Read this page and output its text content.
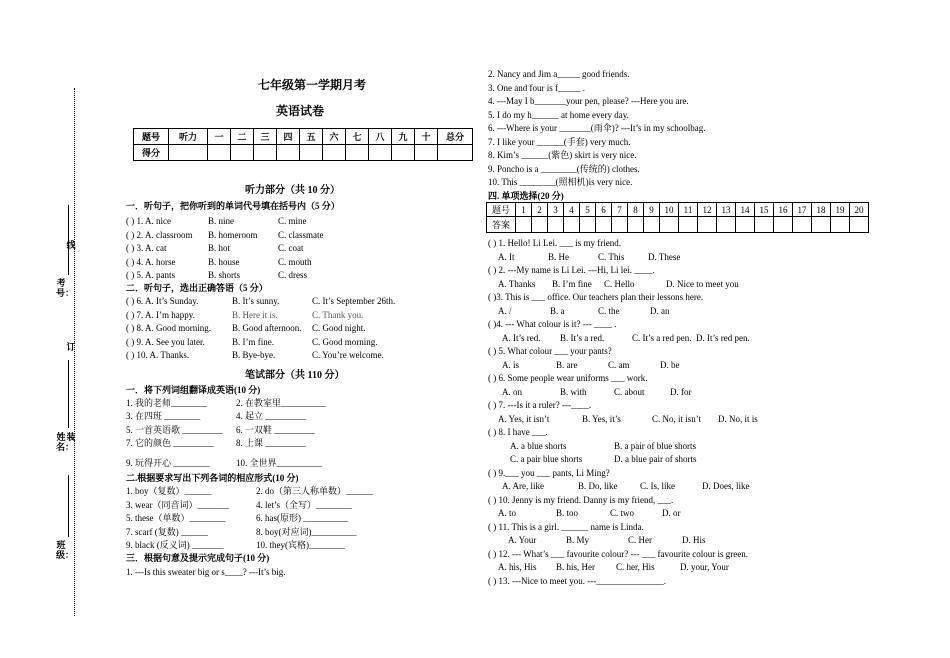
考号：
线
订
姓名：
装
班级：
七年级第一学期月考
英语试卷
题号	听力	一	二	三	四	五	六	七	八	九	十	总分
得分												
听力部分（共 10 分）
一．听句子，把你听到的单词代号填在括号内（5 分）
( ) 1. A. nice	B. nine	C. mine
( ) 2. A. classroom B. homeroom C. classmate
( ) 3. A. cat	B. hot	C. coat
( ) 4. A. horse	B. house	C. mouth
( ) 5. A. pants	B. shorts	C. dress
二．听句子，选出正确答语（5 分）
( ) 6. A. It’s Sunday.	B. It’s sunny.	C. It’s September 26th.
( ) 7. A. I’m happy.	B. Here it is.	C. Thank you.
( ) 8. A. Good morning. B. Good afternoon. C. Good night.
( ) 9. A. See you later.	B. I’m fine.	C. Good morning.
( ) 10. A. Thanks.	B. Bye-bye.	C. You’re welcome.
笔试部分（共 110 分）
一．将下列词组翻译成英语(10 分)
1. 我的老师________	2. 在教室里__________
3. 在四班 ________	4. 起立 _________
5. 一首英语歌 _________ 6. 一双鞋 _________
7. 它的颜色 _________ 8. 上课 _________
9. 玩得开心 ________	10. 全世界__________
二.根据要求写出下列各词的相应形式(10 分)
1. boy（复数）______	2. do（第三人称单数）______
3. wear（同音词）_______	4. let’s（全写）________
5. these（单数）________	6. has(原形) __________
7. scarf (复数) ______	8. boy(对应词)__________
9. black (反义词) _______	10. they(宾格)________
三．根据句意及提示完成句子(10 分)
1. ---Is this sweater big or s____? ---It’s big.
2. Nancy and Jim a_____ good friends.
3. One and four is f_____ .
4. ---May I b_______your pen, please? ---Here you are.
5. I do my h______ at home every day.
6. ---Where is your _______(雨伞)? ---It’s in my schoolbag.
7. I like your ______(手套) very much.
8. Kim’s ______(紫色) skirt is very nice.
9. Poncho is a ________(传统的) clothes.
10. This ________(照相机)is very nice.
四. 单项选择(20 分)
题号	1	2	3	4	5	6	7	8	9	10	11	12	13	14	15	16	17	18	19	20
答案																				
( ) 1. Hello! Li Lei. ___ is my friend.
A. It	B. He	C. This	D. These
( ) 2. ---My name is Li Lei. ---Hi, Li lei. ____.
A. Thanks B. I’m fine C. Hello	D. Nice to meet you
( )3. This is ___ office. Our teachers plan their lessons here.
A. /	B. a	C. the	D. an
( )4. --- What colour is it? --- ____ .
A. It’s red. B. It’s a red.	C. It’s a red pen. D. It’s red pen.
( ) 5. What colour ___ your pants?
A. is	B. are	C. am	D. be
( ) 6. Some people wear uniforms ___ work.
A. on	B. with	C. about	D. for
( ) 7. ---Is it a ruler? ---____.
A. Yes, it isn’t	B. Yes, it’s	C. No, it isn’t D. No, it is
( ) 8. I have ___.
A. a blue shorts	B. a pair of blue shorts
C. a pair blue shorts	D. a blue pair of shorts
( ) 9.___ you ___ pants, Li Ming?
A. Are, like	B. Do, like	C. Is, like	D. Does, like
( ) 10. Jenny is my friend. Danny is my friend, ___.
A. to	B. too	C. two	D. or
( ) 11. This is a girl. ______ name is Linda.
A. Your	B. My	C. Her	D. His
( ) 12. --- What’s ___ favourite colour? --- ___ favourite colour is green.
A. his, His B. his, Her C. her, His	D. your, Your
( ) 13. ---Nice to meet you. ---_______________.
